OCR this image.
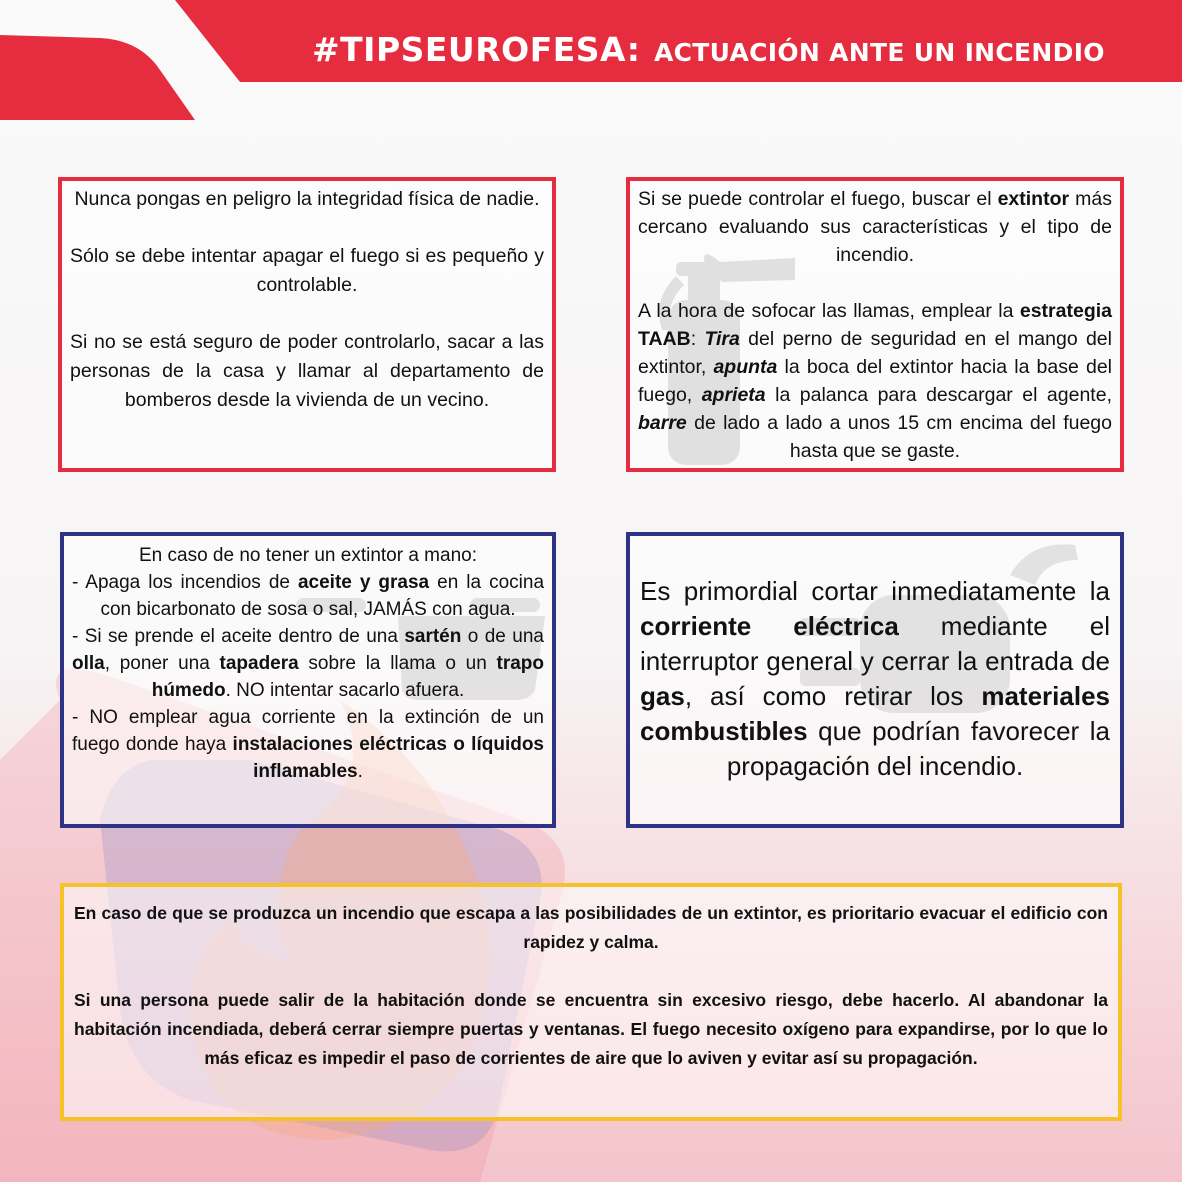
#TIPSEUROFESA: ACTUACIÓN ANTE UN INCENDIO

Nunca pongas en peligro la integridad física de nadie.

Sólo se debe intentar apagar el fuego si es pequeño y controlable.

Si no se está seguro de poder controlarlo, sacar a las personas de la casa y llamar al departamento de bomberos desde la vivienda de un vecino.

Si se puede controlar el fuego, buscar el extintor más cercano evaluando sus características y el tipo de incendio.

A la hora de sofocar las llamas, emplear la estrategia TAAB: Tira del perno de seguridad en el mango del extintor, apunta la boca del extintor hacia la base del fuego, aprieta la palanca para descargar el agente, barre de lado a lado a unos 15 cm encima del fuego hasta que se gaste.

En caso de no tener un extintor a mano:

- Apaga los incendios de aceite y grasa en la cocina con bicarbonato de sosa o sal, JAMÁS con agua.

- Si se prende el aceite dentro de una sartén o de una olla, poner una tapadera sobre la llama o un trapo húmedo. NO intentar sacarlo afuera.

- NO emplear agua corriente en la extinción de un fuego donde haya instalaciones eléctricas o líquidos inflamables.

Es primordial cortar inmediatamente la corriente eléctrica mediante el interruptor general y cerrar la entrada de gas, así como retirar los materiales combustibles que podrían favorecer la propagación del incendio.

En caso de que se produzca un incendio que escapa a las posibilidades de un extintor, es prioritario evacuar el edificio con rapidez y calma.

Si una persona puede salir de la habitación donde se encuentra sin excesivo riesgo, debe hacerlo. Al abandonar la habitación incendiada, deberá cerrar siempre puertas y ventanas. El fuego necesito oxígeno para expandirse, por lo que lo más eficaz es impedir el paso de corrientes de aire que lo aviven y evitar así su propagación.
